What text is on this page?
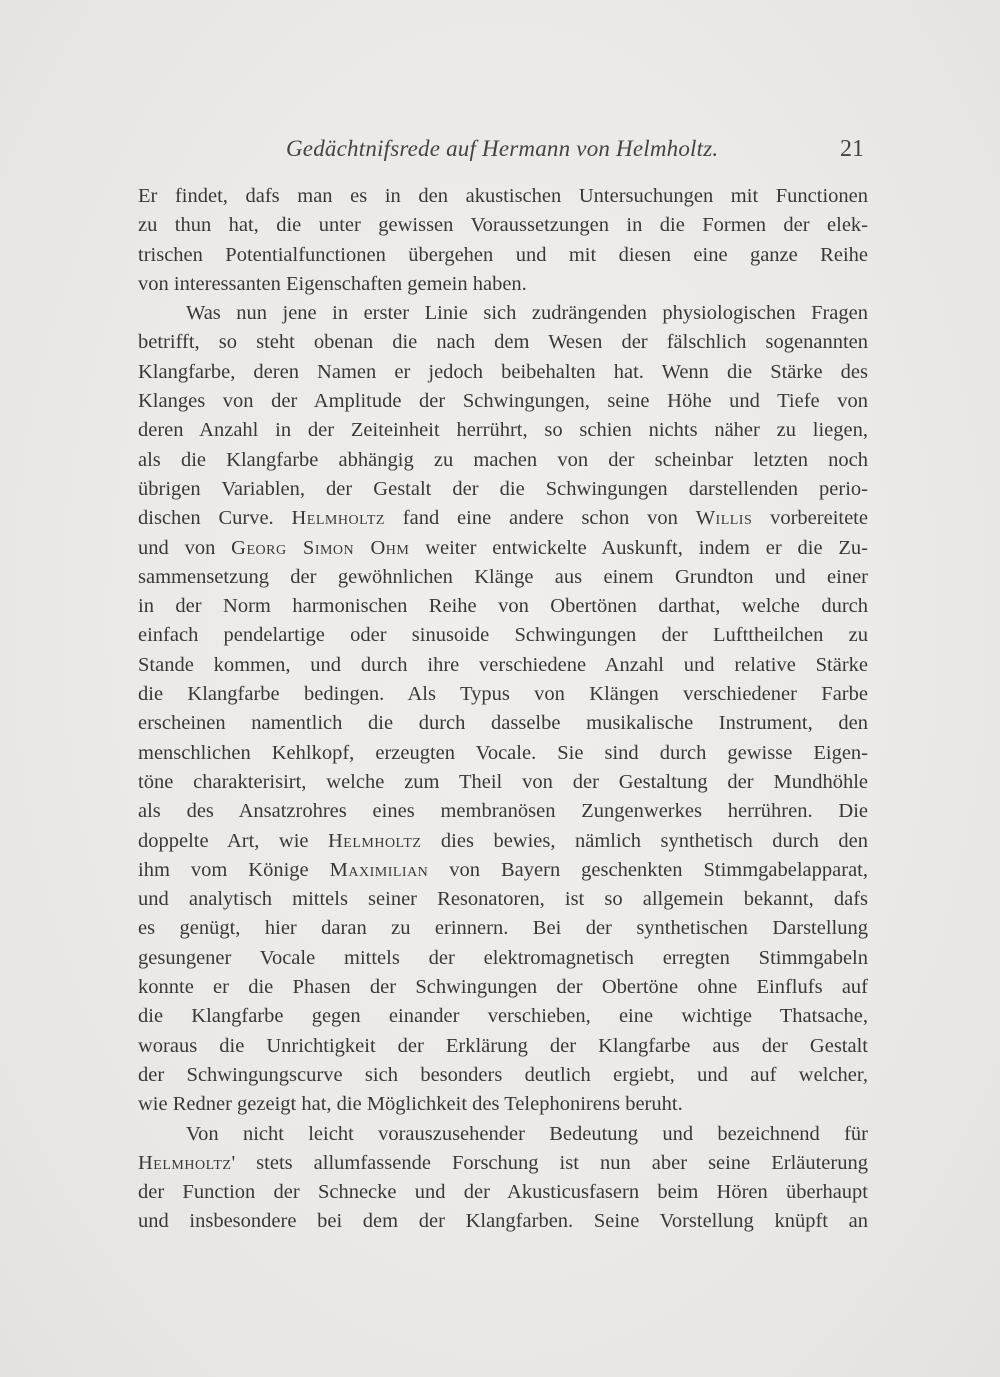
Gedächtnifsrede auf Hermann von Helmholtz.	21
Er findet, dafs man es in den akustischen Untersuchungen mit Functionen
zu thun hat, die unter gewissen Voraussetzungen in die Formen der elek-
trischen Potentialfunctionen übergehen und mit diesen eine ganze Reihe
von interessanten Eigenschaften gemein haben.
Was nun jene in erster Linie sich zudrängenden physiologischen Fragen
betrifft, so steht obenan die nach dem Wesen der fälschlich sogenannten
Klangfarbe, deren Namen er jedoch beibehalten hat. Wenn die Stärke des
Klanges von der Amplitude der Schwingungen, seine Höhe und Tiefe von
deren Anzahl in der Zeiteinheit herrührt, so schien nichts näher zu liegen,
als die Klangfarbe abhängig zu machen von der scheinbar letzten noch
übrigen Variablen, der Gestalt der die Schwingungen darstellenden perio-
dischen Curve. Helmholtz fand eine andere schon von Willis vorbereitete
und von Georg Simon Ohm weiter entwickelte Auskunft, indem er die Zu-
sammensetzung der gewöhnlichen Klänge aus einem Grundton und einer
in der Norm harmonischen Reihe von Obertönen darthat, welche durch
einfach pendelartige oder sinusoide Schwingungen der Lufttheilchen zu
Stande kommen, und durch ihre verschiedene Anzahl und relative Stärke
die Klangfarbe bedingen. Als Typus von Klängen verschiedener Farbe
erscheinen namentlich die durch dasselbe musikalische Instrument, den
menschlichen Kehlkopf, erzeugten Vocale. Sie sind durch gewisse Eigen-
töne charakterisirt, welche zum Theil von der Gestaltung der Mundhöhle
als des Ansatzrohres eines membranösen Zungenwerkes herrühren. Die
doppelte Art, wie Helmholtz dies bewies, nämlich synthetisch durch den
ihm vom Könige Maximilian von Bayern geschenkten Stimmgabelapparat,
und analytisch mittels seiner Resonatoren, ist so allgemein bekannt, dafs
es genügt, hier daran zu erinnern. Bei der synthetischen Darstellung
gesungener Vocale mittels der elektromagnetisch erregten Stimmgabeln
konnte er die Phasen der Schwingungen der Obertöne ohne Einflufs auf
die Klangfarbe gegen einander verschieben, eine wichtige Thatsache,
woraus die Unrichtigkeit der Erklärung der Klangfarbe aus der Gestalt
der Schwingungscurve sich besonders deutlich ergiebt, und auf welcher,
wie Redner gezeigt hat, die Möglichkeit des Telephonirens beruht.
Von nicht leicht vorauszusehender Bedeutung und bezeichnend für
Helmholtz' stets allumfassende Forschung ist nun aber seine Erläuterung
der Function der Schnecke und der Akusticusfasern beim Hören überhaupt
und insbesondere bei dem der Klangfarben. Seine Vorstellung knüpft an
